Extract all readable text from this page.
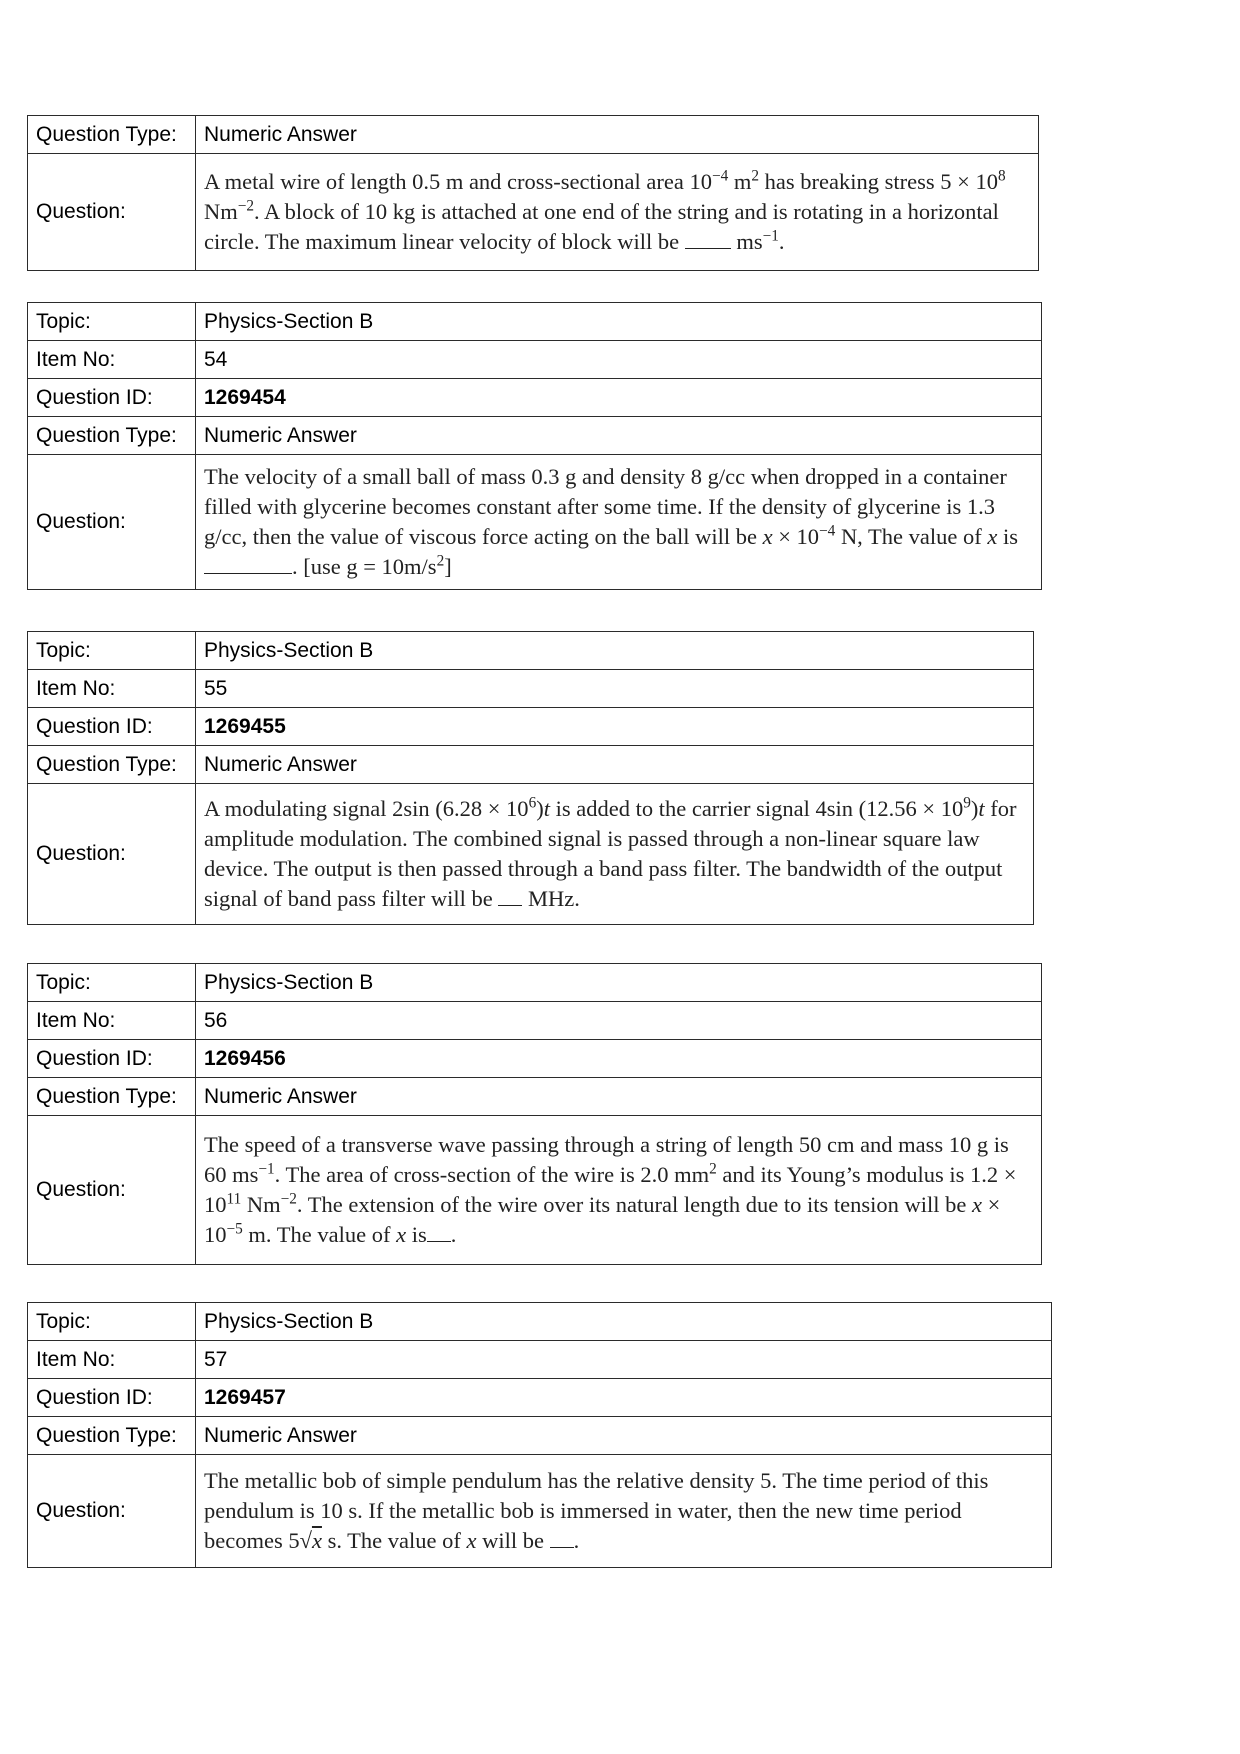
Question Type:	Numeric Answer
Question:	A metal wire of length 0.5 m and cross-sectional area $10^{-4}$ $m^2$ has breaking stress $5 \times 10^8$ $Nm^{-2}$. A block of 10 kg is attached at one end of the string and is rotating in a horizontal circle. The maximum linear velocity of block will be  $ms^{-1}$.
Topic:	Physics-Section B
Item No:	54
Question ID:	1269454
Question Type:	Numeric Answer
Question:	The velocity of a small ball of mass 0.3 g and density 8 g/cc when dropped in a container filled with glycerine becomes constant after some time. If the density of glycerine is 1.3 g/cc, then the value of viscous force acting on the ball will be $x \times 10^{-4}$ N, The value of x is . [use $g = 10m/s^2$]
Topic:	Physics-Section B
Item No:	55
Question ID:	1269455
Question Type:	Numeric Answer
Question:	A modulating signal 2sin $(6.28 \times 10^6)t$ is added to the carrier signal 4sin $(12.56 \times 10^9)t$ for amplitude modulation. The combined signal is passed through a non-linear square law device. The output is then passed through a band pass filter. The bandwidth of the output signal of band pass filter will be  MHz.
Topic:	Physics-Section B
Item No:	56
Question ID:	1269456
Question Type:	Numeric Answer
Question:	The speed of a transverse wave passing through a string of length 50 cm and mass 10 g is 60 $ms^{-1}$. The area of cross-section of the wire is 2.0 $mm^2$ and its Young’s modulus is $1.2 \times 10^{11}$ $Nm^{-2}$. The extension of the wire over its natural length due to its tension will be $x \times 10^{-5}$ m. The value of x is .
Topic:	Physics-Section B
Item No:	57
Question ID:	1269457
Question Type:	Numeric Answer
Question:	The metallic bob of simple pendulum has the relative density 5. The time period of this pendulum is 10 s. If the metallic bob is immersed in water, then the new time period becomes 5√x s. The value of x will be .
